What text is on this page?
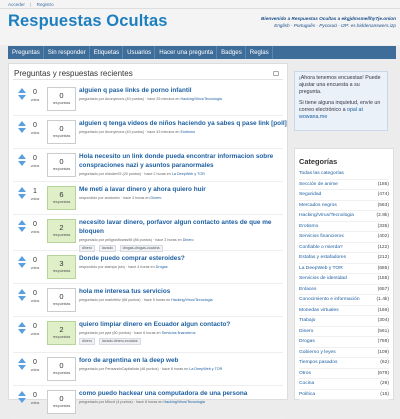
Acceder | Registro
Respuestas Ocultas	Bienvenido a Respuestas Ocultas a ekgjdmsmellhy7je.onion
English - Português - Русский - I2P: es.hiddenanswers.i2p
Preguntas	Sin responder	Etiquetas	Usuarios	Hacer una pregunta	Badges	Reglas
Preguntas y respuestas recientes
0
votos	0
respuestas
alguien q pase links de porno infantil
preguntado por Anonymous (40 puntos) · hace 25 minutos en Hacking/Virus/Tecnologia
0
votos	0
respuestas
alguien q tenga videos de niños haciendo ya sabes q pase link [poll]
preguntado por Anonymous (40 puntos) · hace 43 minutos en Erotismo
0
votos	0
respuestas
Hola necesito un link donde pueda encontrar informacion sobre conspraciones nazi y asuntos paranormales
preguntado por elduder93 (20 puntos) · hace 2 horas en La DeepWeb y TOR
1
votos	6
respuestas
Me metí a lavar dinero y ahora quiero huir
respondido por andromix · hace 3 horas en Dinero
0
votos	2
respuestas
necesito lavar dinero, porfavor algun contacto antes de que me bloquen
preguntado por peligrosflowss96 (86 puntos) · hace 3 horas en Dinero
dinero	lavado	drogas-drogas-cocaína
0
votos	3
respuestas
Donde puedo comprar esteroides?
respondido por stampa (sin) · hace 4 horas en Drogas
0
votos	0
respuestas
hola me interesa tus servicios
preguntado por marinfeliz (68 puntos) · hace 5 horas en Hacking/Virus/Tecnologia
0
votos	2
respuestas
quiero limpiar dinero en Ecuador algun contacto?
preguntado por ppd (80 puntos) · hace 6 horas en Servicios financieros
dinero	lavado-dinero-ecuatos
0
votos	0
respuestas
foro de argentina en la deep web
preguntado por PensandoCapitalista (46 puntos) · hace 8 horas en La DeepWeb y TOR
0
votos	0
respuestas
como puedo hackear una computadora de una persona
preguntado por Mhuxt (4 puntos) · hace 8 horas en Hacking/Virus/Tecnologia
¡Ahora tenemos encuestas! Puede ajustar una encuesta a su pregunta.
Si tiene alguna inquietud, envíe un correo electrónico a opal at wowana.me
Categorías
Todas las categorías
Sección de anime	(185)
Seguridad	(474)
Mercados negros	(563)
Hacking/Virus/Tecnologia	(2.8k)
Erotismo	(335)
Servicios financieros	(402)
Confiable o mierda?	(122)
Estafas y estafadores	(212)
La DeepWeb y TOR	(685)
Servicios de identidad	(155)
Enlaces	(657)
Conocimiento e información	(1.4k)
Monedas virtuales	(166)
Trabajo	(304)
Dinero	(561)
Drogas	(759)
Gobierno y leyes	(109)
Tiempos pasados	(62)
Otros	(679)
Cocina	(29)
Política	(15)
